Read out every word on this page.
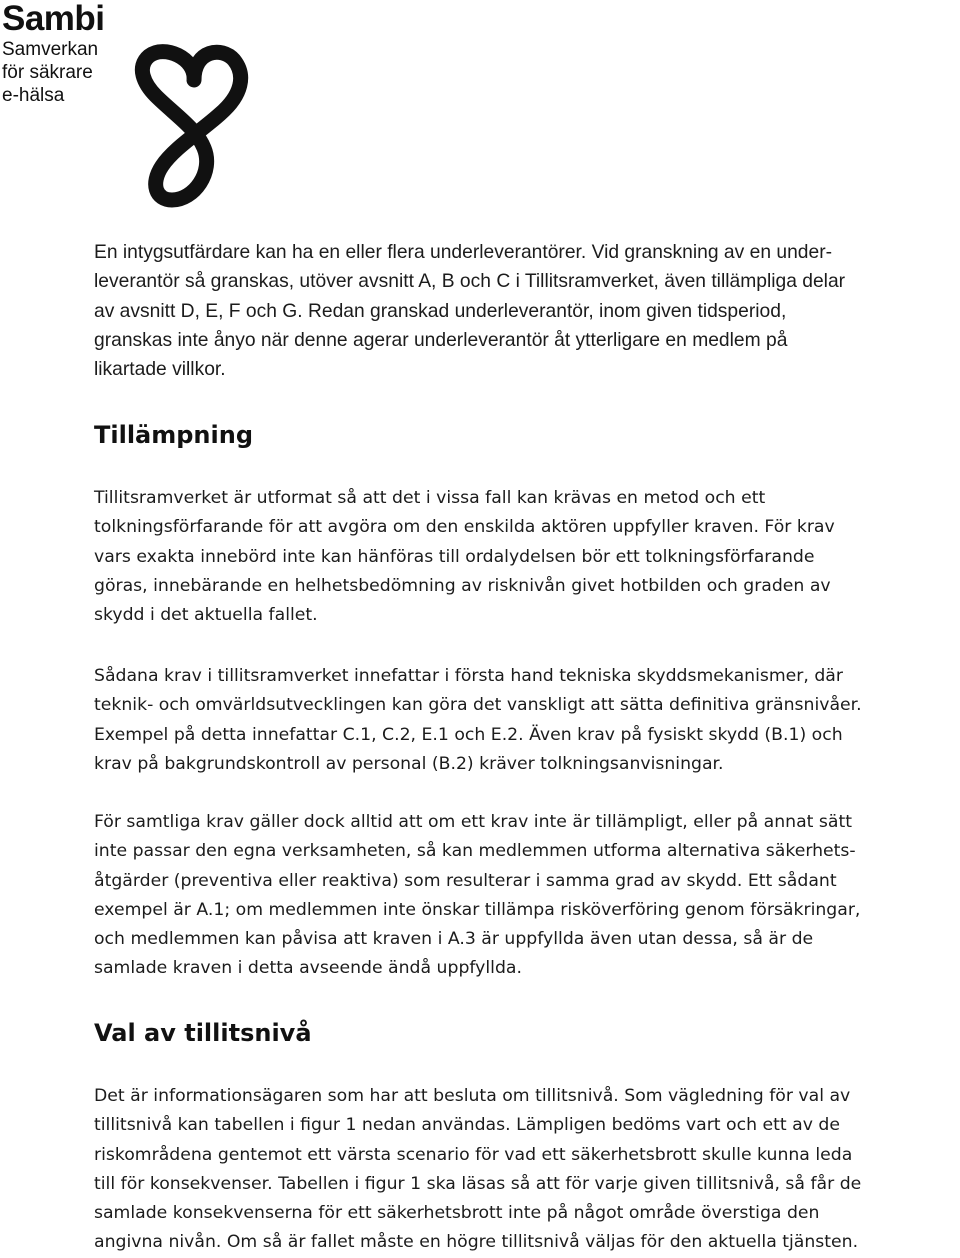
Sambi
Samverkan
för säkrare
e-hälsa
En intygsutfärdare kan ha en eller flera underleverantörer. Vid granskning av en under-
leverantör så granskas, utöver avsnitt A, B och C i Tillitsramverket, även tillämpliga delar
av avsnitt D, E, F och G. Redan granskad underleverantör, inom given tidsperiod,
granskas inte ånyo när denne agerar underleverantör åt ytterligare en medlem på
likartade villkor.
Tillämpning
Tillitsramverket är utformat så att det i vissa fall kan krävas en metod och ett
tolkningsförfarande för att avgöra om den enskilda aktören uppfyller kraven. För krav
vars exakta innebörd inte kan hänföras till ordalydelsen bör ett tolkningsförfarande
göras, innebärande en helhetsbedömning av risknivån givet hotbilden och graden av
skydd i det aktuella fallet.
Sådana krav i tillitsramverket innefattar i första hand tekniska skyddsmekanismer, där
teknik- och omvärldsutvecklingen kan göra det vanskligt att sätta definitiva gränsnivåer.
Exempel på detta innefattar C.1, C.2, E.1 och E.2. Även krav på fysiskt skydd (B.1) och
krav på bakgrundskontroll av personal (B.2) kräver tolkningsanvisningar.
För samtliga krav gäller dock alltid att om ett krav inte är tillämpligt, eller på annat sätt
inte passar den egna verksamheten, så kan medlemmen utforma alternativa säkerhets-
åtgärder (preventiva eller reaktiva) som resulterar i samma grad av skydd. Ett sådant
exempel är A.1; om medlemmen inte önskar tillämpa risköverföring genom försäkringar,
och medlemmen kan påvisa att kraven i A.3 är uppfyllda även utan dessa, så är de
samlade kraven i detta avseende ändå uppfyllda.
Val av tillitsnivå
Det är informationsägaren som har att besluta om tillitsnivå. Som vägledning för val av
tillitsnivå kan tabellen i figur 1 nedan användas. Lämpligen bedöms vart och ett av de
riskområdena gentemot ett värsta scenario för vad ett säkerhetsbrott skulle kunna leda
till för konsekvenser. Tabellen i figur 1 ska läsas så att för varje given tillitsnivå, så får de
samlade konsekvenserna för ett säkerhetsbrott inte på något område överstiga den
angivna nivån. Om så är fallet måste en högre tillitsnivå väljas för den aktuella tjänsten.
